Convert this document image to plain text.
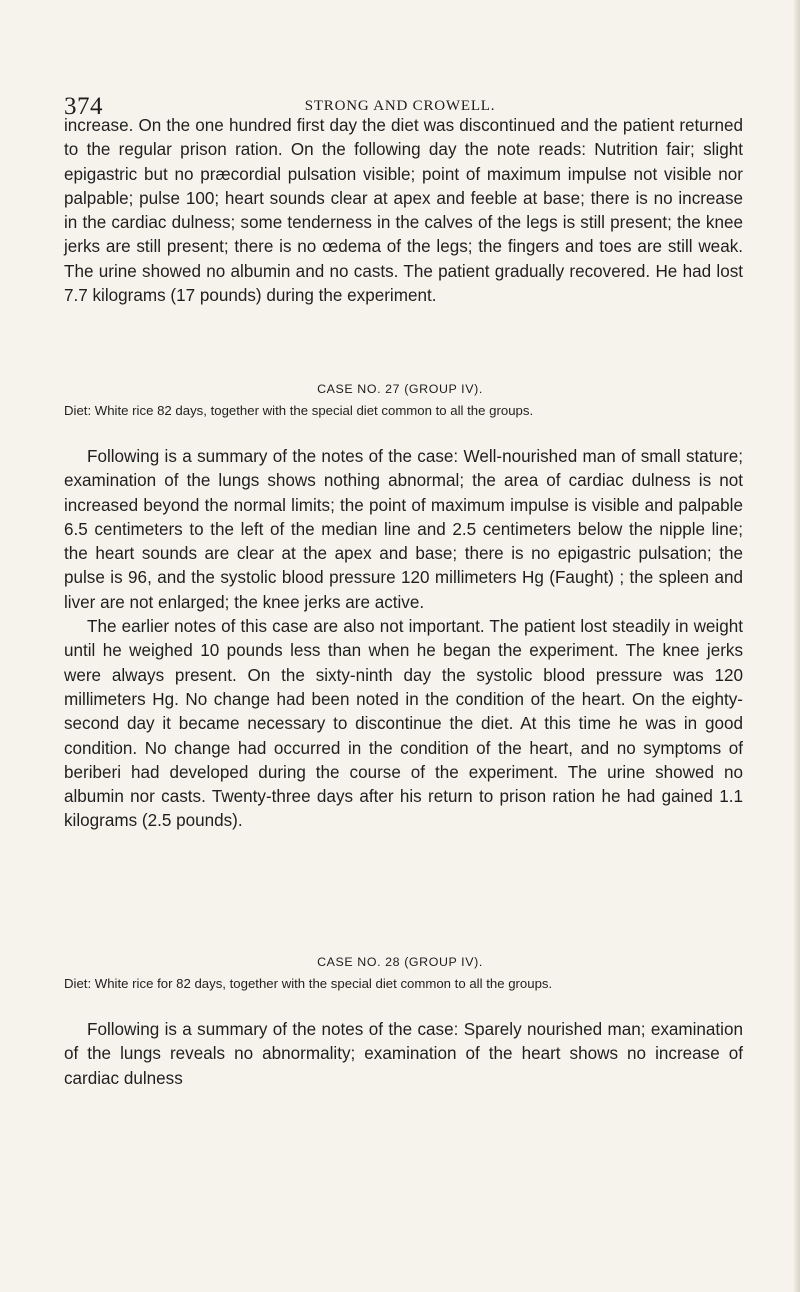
374	STRONG AND CROWELL.

increase. On the one hundred first day the diet was discontinued and the patient returned to the regular prison ration. On the following day the note reads: Nutrition fair; slight epigastric but no præcordial pulsation visible; point of maximum impulse not visible nor palpable; pulse 100; heart sounds clear at apex and feeble at base; there is no increase in the cardiac dulness; some tenderness in the calves of the legs is still present; the knee jerks are still present; there is no œdema of the legs; the fingers and toes are still weak. The urine showed no albumin and no casts. The patient gradually recovered. He had lost 7.7 kilograms (17 pounds) during the experiment.

CASE NO. 27 (GROUP IV).

Diet: White rice 82 days, together with the special diet common to all the groups.

Following is a summary of the notes of the case: Well-nourished man of small stature; examination of the lungs shows nothing abnormal; the area of cardiac dulness is not increased beyond the normal limits; the point of maximum impulse is visible and palpable 6.5 centimeters to the left of the median line and 2.5 centimeters below the nipple line; the heart sounds are clear at the apex and base; there is no epigastric pulsation; the pulse is 96, and the systolic blood pressure 120 millimeters Hg (Faught) ; the spleen and liver are not enlarged; the knee jerks are active.

The earlier notes of this case are also not important. The patient lost steadily in weight until he weighed 10 pounds less than when he began the experiment. The knee jerks were always present. On the sixty-ninth day the systolic blood pressure was 120 millimeters Hg. No change had been noted in the condition of the heart. On the eighty-second day it became necessary to discontinue the diet. At this time he was in good condition. No change had occurred in the condition of the heart, and no symptoms of beriberi had developed during the course of the experiment. The urine showed no albumin nor casts. Twenty-three days after his return to prison ration he had gained 1.1 kilograms (2.5 pounds).

CASE NO. 28 (GROUP IV).

Diet: White rice for 82 days, together with the special diet common to all the groups.

Following is a summary of the notes of the case: Sparely nourished man; examination of the lungs reveals no abnormality; examination of the heart shows no increase of cardiac dulness
